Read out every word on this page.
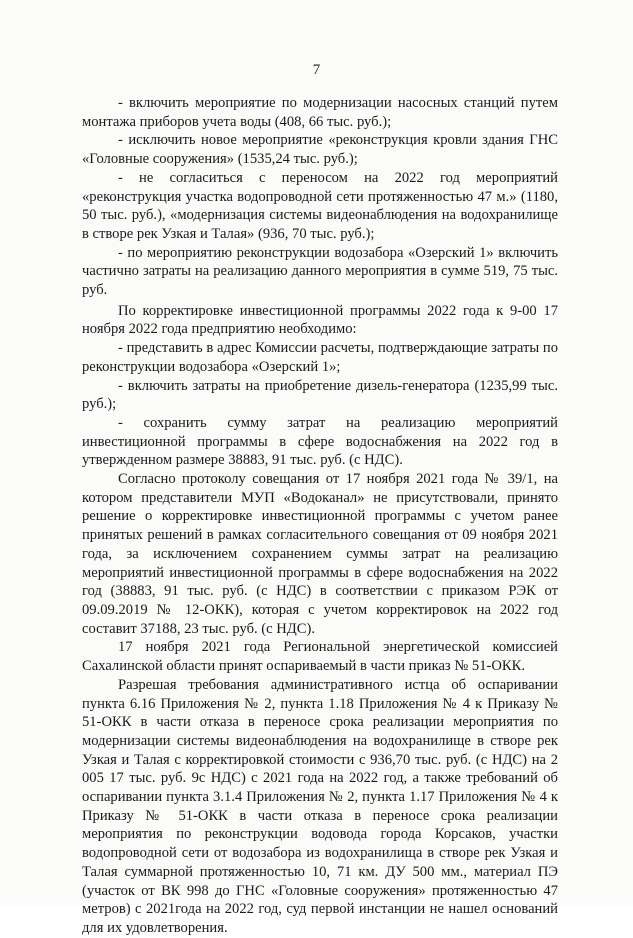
7

- включить мероприятие по модернизации насосных станций путем монтажа приборов учета воды (408, 66 тыс. руб.);

- исключить новое мероприятие «реконструкция кровли здания ГНС «Головные сооружения» (1535,24 тыс. руб.);

- не согласиться с переносом на 2022 год мероприятий «реконструкция участка водопроводной сети протяженностью 47 м.» (1180, 50 тыс. руб.), «модернизация системы видеонаблюдения на водохранилище в створе рек Узкая и Талая» (936, 70 тыс. руб.);

- по мероприятию реконструкции водозабора «Озерский 1» включить частично затраты на реализацию данного мероприятия в сумме 519, 75 тыс. руб.

По корректировке инвестиционной программы 2022 года к 9-00 17 ноября 2022 года предприятию необходимо:

- представить в адрес Комиссии расчеты, подтверждающие затраты по реконструкции водозабора «Озерский 1»;

- включить затраты на приобретение дизель-генератора (1235,99 тыс. руб.);

- сохранить сумму затрат на реализацию мероприятий инвестиционной программы в сфере водоснабжения на 2022 год в утвержденном размере 38883, 91 тыс. руб. (с НДС).

Согласно протоколу совещания от 17 ноября 2021 года № 39/1, на котором представители МУП «Водоканал» не присутствовали, принято решение о корректировке инвестиционной программы с учетом ранее принятых решений в рамках согласительного совещания от 09 ноября 2021 года, за исключением сохранением суммы затрат на реализацию мероприятий инвестиционной программы в сфере водоснабжения на 2022 год (38883, 91 тыс. руб. (с НДС) в соответствии с приказом РЭК от 09.09.2019 № 12-ОКК), которая с учетом корректировок на 2022 год составит 37188, 23 тыс. руб. (с НДС).

17 ноября 2021 года Региональной энергетической комиссией Сахалинской области принят оспариваемый в части приказ № 51-ОКК.

Разрешая требования административного истца об оспаривании пункта 6.16 Приложения № 2, пункта 1.18 Приложения № 4 к Приказу № 51-ОКК в части отказа в переносе срока реализации мероприятия по модернизации системы видеонаблюдения на водохранилище в створе рек Узкая и Талая с корректировкой стоимости с 936,70 тыс. руб. (с НДС) на 2 005 17 тыс. руб. 9с НДС) с 2021 года на 2022 год, а также требований об оспаривании пункта 3.1.4 Приложения № 2, пункта 1.17 Приложения № 4 к Приказу № 51-ОКК в части отказа в переносе срока реализации мероприятия по реконструкции водовода города Корсаков, участки водопроводной сети от водозабора из водохранилища в створе рек Узкая и Талая суммарной протяженностью 10, 71 км. ДУ 500 мм., материал ПЭ (участок от ВК 998 до ГНС «Головные сооружения» протяженностью 47 метров) с 2021года на 2022 год, суд первой инстанции не нашел оснований для их удовлетворения.
